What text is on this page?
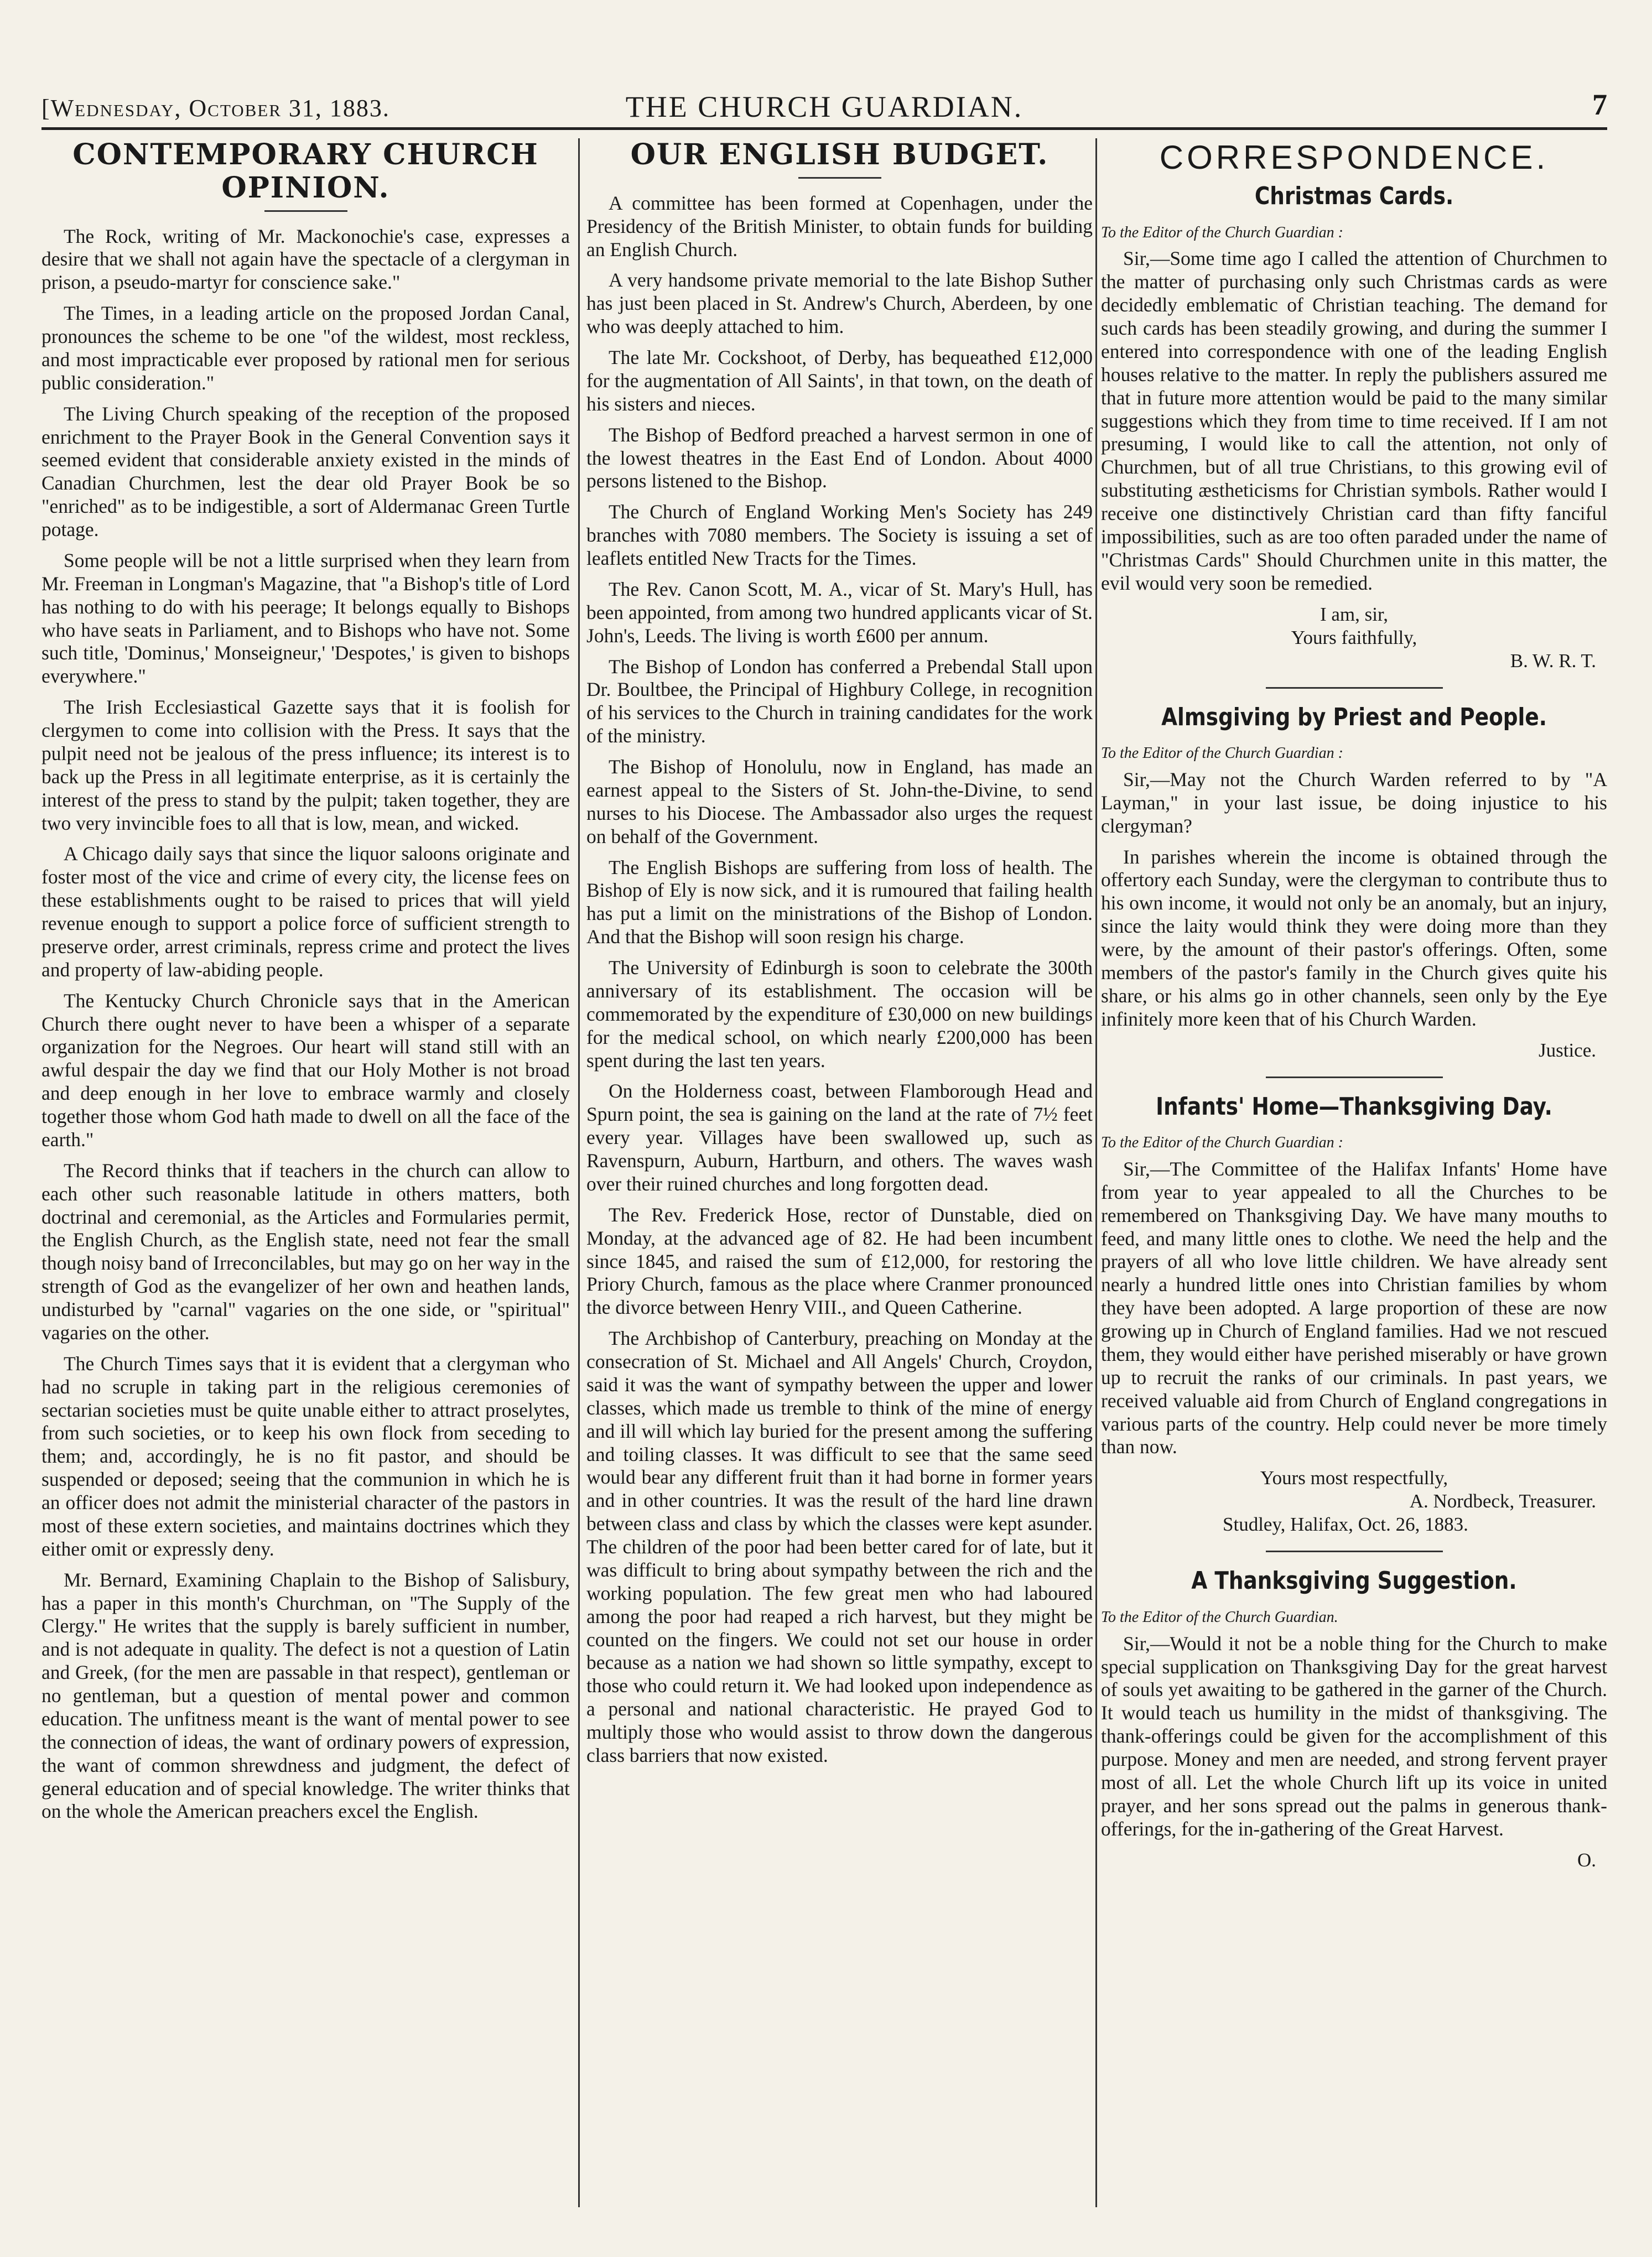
[Wednesday, October 31, 1883.	THE CHURCH GUARDIAN.	7
CONTEMPORARY CHURCH OPINION.

The Rock, writing of Mr. Mackonochie's case, expresses a desire that we shall not again have the spectacle of a clergyman in prison, a pseudo-martyr for conscience sake."

The Times, in a leading article on the proposed Jordan Canal, pronounces the scheme to be one "of the wildest, most reckless, and most impracticable ever proposed by rational men for serious public consideration."

The Living Church speaking of the reception of the proposed enrichment to the Prayer Book in the General Convention says it seemed evident that considerable anxiety existed in the minds of Canadian Churchmen, lest the dear old Prayer Book be so "enriched" as to be indigestible, a sort of Aldermanac Green Turtle potage.

Some people will be not a little surprised when they learn from Mr. Freeman in Longman's Magazine, that "a Bishop's title of Lord has nothing to do with his peerage; It belongs equally to Bishops who have seats in Parliament, and to Bishops who have not. Some such title, 'Dominus,' Monseigneur,' 'Despotes,' is given to bishops everywhere."

The Irish Ecclesiastical Gazette says that it is foolish for clergymen to come into collision with the Press. It says that the pulpit need not be jealous of the press influence; its interest is to back up the Press in all legitimate enterprise, as it is certainly the interest of the press to stand by the pulpit; taken together, they are two very invincible foes to all that is low, mean, and wicked.

A Chicago daily says that since the liquor saloons originate and foster most of the vice and crime of every city, the license fees on these establishments ought to be raised to prices that will yield revenue enough to support a police force of sufficient strength to preserve order, arrest criminals, repress crime and protect the lives and property of law-abiding people.

The Kentucky Church Chronicle says that in the American Church there ought never to have been a whisper of a separate organization for the Negroes. Our heart will stand still with an awful despair the day we find that our Holy Mother is not broad and deep enough in her love to embrace warmly and closely together those whom God hath made to dwell on all the face of the earth."

The Record thinks that if teachers in the church can allow to each other such reasonable latitude in others matters, both doctrinal and ceremonial, as the Articles and Formularies permit, the English Church, as the English state, need not fear the small though noisy band of Irreconcilables, but may go on her way in the strength of God as the evangelizer of her own and heathen lands, undisturbed by "carnal" vagaries on the one side, or "spiritual" vagaries on the other.

The Church Times says that it is evident that a clergyman who had no scruple in taking part in the religious ceremonies of sectarian societies must be quite unable either to attract proselytes, from such societies, or to keep his own flock from seceding to them; and, accordingly, he is no fit pastor, and should be suspended or deposed; seeing that the communion in which he is an officer does not admit the ministerial character of the pastors in most of these extern societies, and maintains doctrines which they either omit or expressly deny.

Mr. Bernard, Examining Chaplain to the Bishop of Salisbury, has a paper in this month's Churchman, on "The Supply of the Clergy." He writes that the supply is barely sufficient in number, and is not adequate in quality. The defect is not a question of Latin and Greek, (for the men are passable in that respect), gentleman or no gentleman, but a question of mental power and common education. The unfitness meant is the want of mental power to see the connection of ideas, the want of ordinary powers of expression, the want of common shrewdness and judgment, the defect of general education and of special knowledge. The writer thinks that on the whole the American preachers excel the English.

OUR ENGLISH BUDGET.

A committee has been formed at Copenhagen, under the Presidency of the British Minister, to obtain funds for building an English Church.

A very handsome private memorial to the late Bishop Suther has just been placed in St. Andrew's Church, Aberdeen, by one who was deeply attached to him.

The late Mr. Cockshoot, of Derby, has bequeathed £12,000 for the augmentation of All Saints', in that town, on the death of his sisters and nieces.

The Bishop of Bedford preached a harvest sermon in one of the lowest theatres in the East End of London. About 4000 persons listened to the Bishop.

The Church of England Working Men's Society has 249 branches with 7080 members. The Society is issuing a set of leaflets entitled New Tracts for the Times.

The Rev. Canon Scott, M. A., vicar of St. Mary's Hull, has been appointed, from among two hundred applicants vicar of St. John's, Leeds. The living is worth £600 per annum.

The Bishop of London has conferred a Prebendal Stall upon Dr. Boultbee, the Principal of Highbury College, in recognition of his services to the Church in training candidates for the work of the ministry.

The Bishop of Honolulu, now in England, has made an earnest appeal to the Sisters of St. John-the-Divine, to send nurses to his Diocese. The Ambassador also urges the request on behalf of the Government.

The English Bishops are suffering from loss of health. The Bishop of Ely is now sick, and it is rumoured that failing health has put a limit on the ministrations of the Bishop of London. And that the Bishop will soon resign his charge.

The University of Edinburgh is soon to celebrate the 300th anniversary of its establishment. The occasion will be commemorated by the expenditure of £30,000 on new buildings for the medical school, on which nearly £200,000 has been spent during the last ten years.

On the Holderness coast, between Flamborough Head and Spurn point, the sea is gaining on the land at the rate of 7½ feet every year. Villages have been swallowed up, such as Ravenspurn, Auburn, Hartburn, and others. The waves wash over their ruined churches and long forgotten dead.

The Rev. Frederick Hose, rector of Dunstable, died on Monday, at the advanced age of 82. He had been incumbent since 1845, and raised the sum of £12,000, for restoring the Priory Church, famous as the place where Cranmer pronounced the divorce between Henry VIII., and Queen Catherine.

The Archbishop of Canterbury, preaching on Monday at the consecration of St. Michael and All Angels' Church, Croydon, said it was the want of sympathy between the upper and lower classes, which made us tremble to think of the mine of energy and ill will which lay buried for the present among the suffering and toiling classes. It was difficult to see that the same seed would bear any different fruit than it had borne in former years and in other countries. It was the result of the hard line drawn between class and class by which the classes were kept asunder. The children of the poor had been better cared for of late, but it was difficult to bring about sympathy between the rich and the working population. The few great men who had laboured among the poor had reaped a rich harvest, but they might be counted on the fingers. We could not set our house in order because as a nation we had shown so little sympathy, except to those who could return it. We had looked upon independence as a personal and national characteristic. He prayed God to multiply those who would assist to throw down the dangerous class barriers that now existed.

CORRESPONDENCE.
Christmas Cards.

To the Editor of the Church Guardian :

Sir,—Some time ago I called the attention of Churchmen to the matter of purchasing only such Christmas cards as were decidedly emblematic of Christian teaching. The demand for such cards has been steadily growing, and during the summer I entered into correspondence with one of the leading English houses relative to the matter. In reply the publishers assured me that in future more attention would be paid to the many similar suggestions which they from time to time received. If I am not presuming, I would like to call the attention, not only of Churchmen, but of all true Christians, to this growing evil of substituting æstheticisms for Christian symbols. Rather would I receive one distinctively Christian card than fifty fanciful impossibilities, such as are too often paraded under the name of "Christmas Cards" Should Churchmen unite in this matter, the evil would very soon be remedied.

I am, sir,
Yours faithfully,
B. W. R. T.
Almsgiving by Priest and People.

To the Editor of the Church Guardian :

Sir,—May not the Church Warden referred to by "A Layman," in your last issue, be doing injustice to his clergyman?

In parishes wherein the income is obtained through the offertory each Sunday, were the clergyman to contribute thus to his own income, it would not only be an anomaly, but an injury, since the laity would think they were doing more than they were, by the amount of their pastor's offerings. Often, some members of the pastor's family in the Church gives quite his share, or his alms go in other channels, seen only by the Eye infinitely more keen that of his Church Warden.

Justice.
Infants' Home—Thanksgiving Day.

To the Editor of the Church Guardian :

Sir,—The Committee of the Halifax Infants' Home have from year to year appealed to all the Churches to be remembered on Thanksgiving Day. We have many mouths to feed, and many little ones to clothe. We need the help and the prayers of all who love little children. We have already sent nearly a hundred little ones into Christian families by whom they have been adopted. A large proportion of these are now growing up in Church of England families. Had we not rescued them, they would either have perished miserably or have grown up to recruit the ranks of our criminals. In past years, we received valuable aid from Church of England congregations in various parts of the country. Help could never be more timely than now.

Yours most respectfully,
A. Nordbeck, Treasurer.
Studley, Halifax, Oct. 26, 1883.
A Thanksgiving Suggestion.

To the Editor of the Church Guardian.

Sir,—Would it not be a noble thing for the Church to make special supplication on Thanksgiving Day for the great harvest of souls yet awaiting to be gathered in the garner of the Church. It would teach us humility in the midst of thanksgiving. The thank-offerings could be given for the accomplishment of this purpose. Money and men are needed, and strong fervent prayer most of all. Let the whole Church lift up its voice in united prayer, and her sons spread out the palms in generous thank-offerings, for the in-gathering of the Great Harvest.

O.
